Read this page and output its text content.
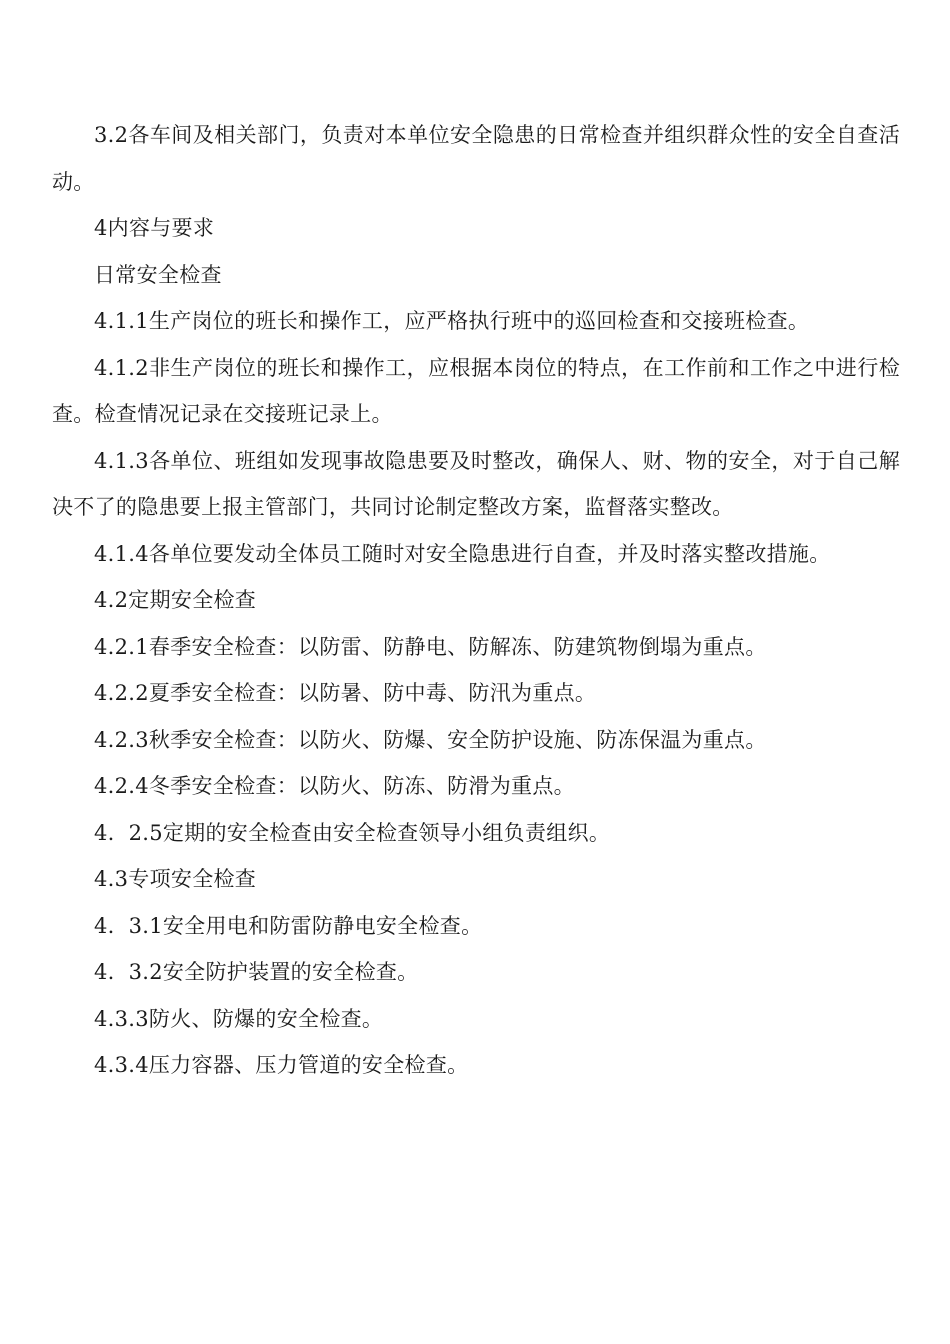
3.2各车间及相关部门，负责对本单位安全隐患的日常检查并组织群众性的安全自查活动。

4内容与要求

日常安全检查

4.1.1生产岗位的班长和操作工，应严格执行班中的巡回检查和交接班检查。

4.1.2非生产岗位的班长和操作工，应根据本岗位的特点，在工作前和工作之中进行检查。检查情况记录在交接班记录上。

4.1.3各单位、班组如发现事故隐患要及时整改，确保人、财、物的安全，对于自己解决不了的隐患要上报主管部门，共同讨论制定整改方案，监督落实整改。

4.1.4各单位要发动全体员工随时对安全隐患进行自查，并及时落实整改措施。

4.2定期安全检查

4.2.1春季安全检查：以防雷、防静电、防解冻、防建筑物倒塌为重点。

4.2.2夏季安全检查：以防暑、防中毒、防汛为重点。

4.2.3秋季安全检查：以防火、防爆、安全防护设施、防冻保温为重点。

4.2.4冬季安全检查：以防火、防冻、防滑为重点。

4.  2.5定期的安全检查由安全检查领导小组负责组织。

4.3专项安全检查

4.  3.1安全用电和防雷防静电安全检查。

4.  3.2安全防护装置的安全检查。

4.3.3防火、防爆的安全检查。

4.3.4压力容器、压力管道的安全检查。
